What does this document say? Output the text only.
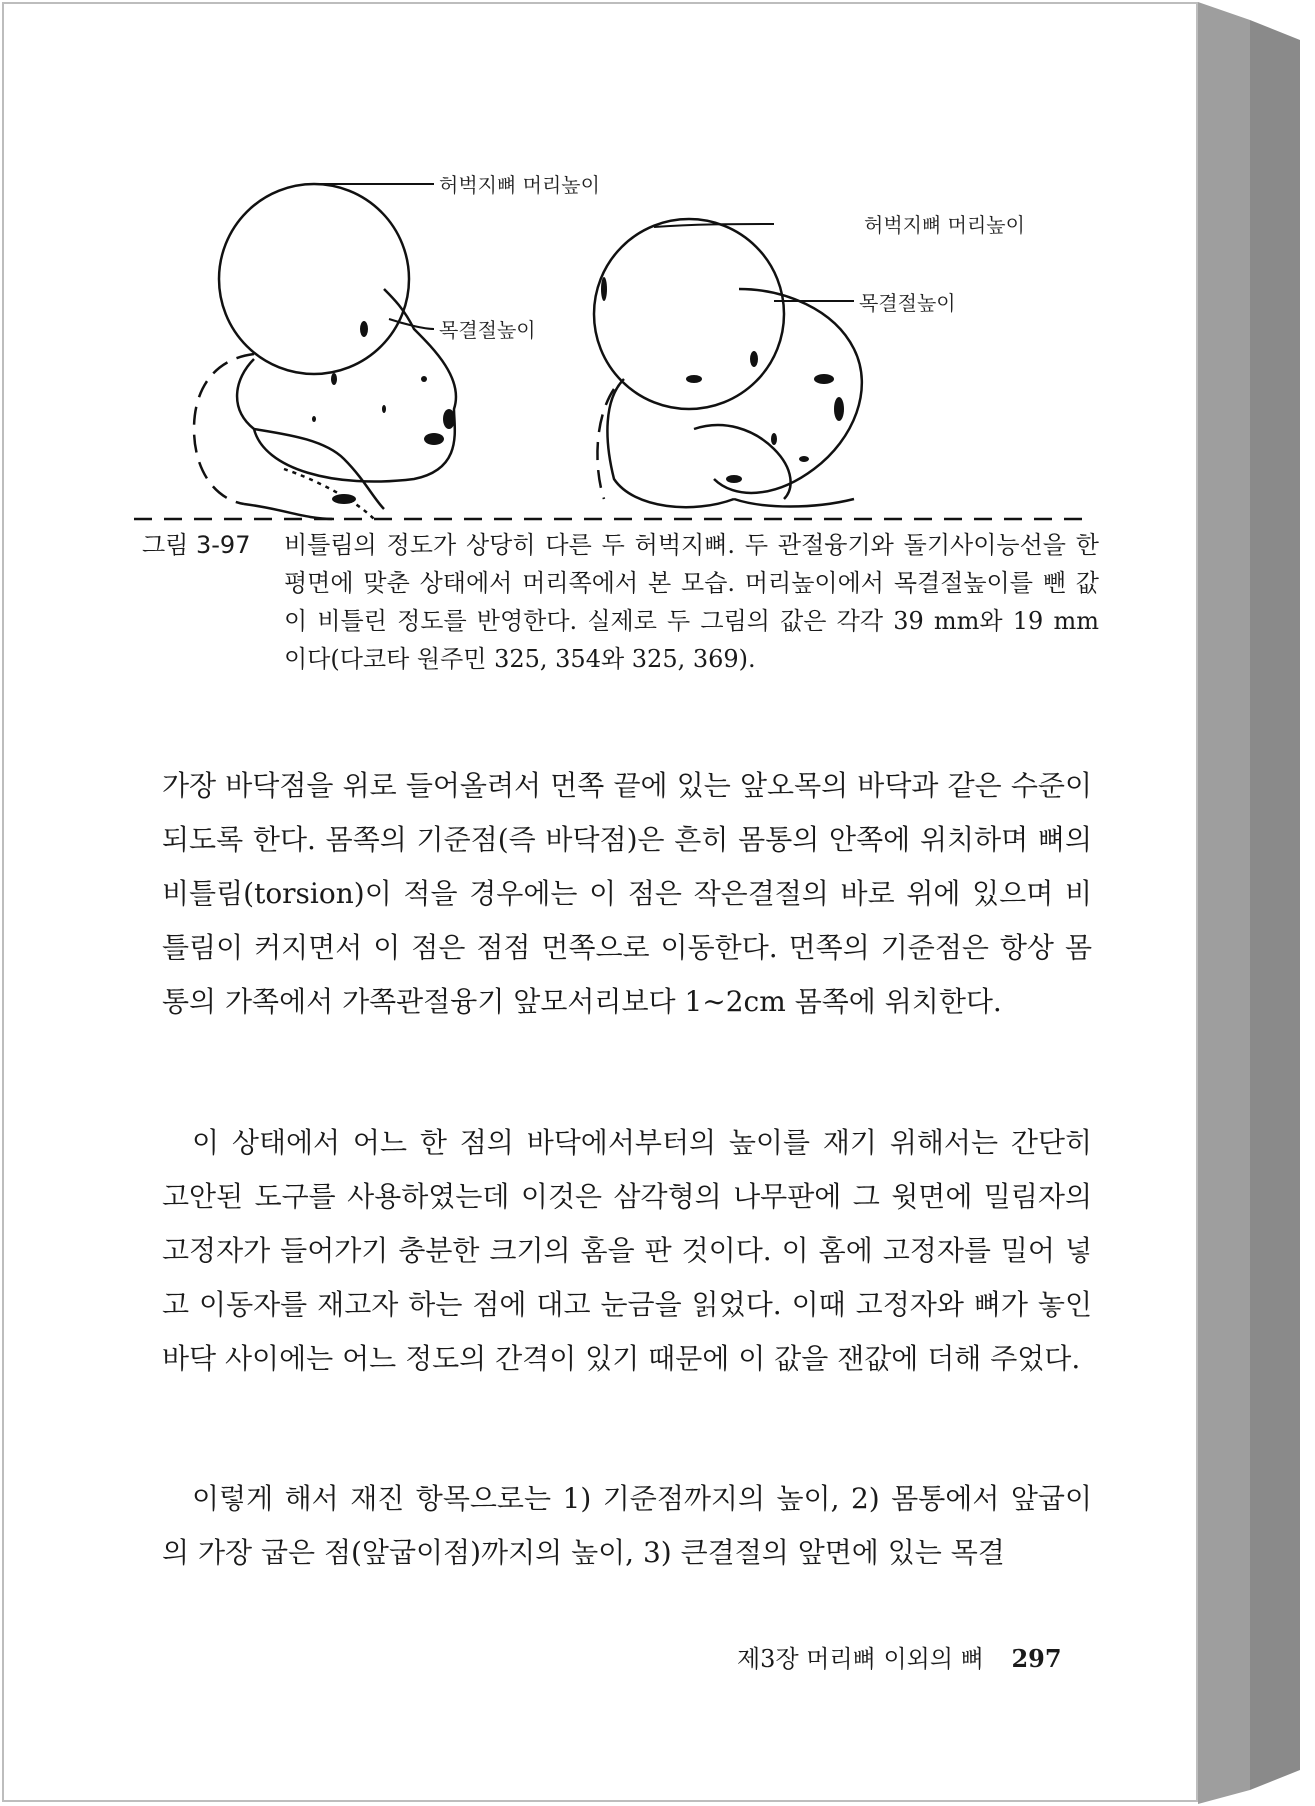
허벅지뼈 머리높이
목결절높이
허벅지뼈 머리높이
목결절높이
그림 3-97 비틀림의 정도가 상당히 다른 두 허벅지뼈. 두 관절융기와 돌기사이능선을 한 평면에 맞춘 상태에서 머리쪽에서 본 모습. 머리높이에서 목결절높이를 뺀 값이 비틀린 정도를 반영한다. 실제로 두 그림의 값은 각각 39 mm와 19 mm 이다(다코타 원주민 325, 354와 325, 369).

가장 바닥점을 위로 들어올려서 먼쪽 끝에 있는 앞오목의 바닥과 같은 수준이 되도록 한다. 몸쪽의 기준점(즉 바닥점)은 흔히 몸통의 안쪽에 위치하며 뼈의 비틀림(torsion)이 적을 경우에는 이 점은 작은결절의 바로 위에 있으며 비틀림이 커지면서 이 점은 점점 먼쪽으로 이동한다. 먼쪽의 기준점은 항상 몸통의 가쪽에서 가쪽관절융기 앞모서리보다 1∼2cm 몸쪽에 위치한다.

이 상태에서 어느 한 점의 바닥에서부터의 높이를 재기 위해서는 간단히 고안된 도구를 사용하였는데 이것은 삼각형의 나무판에 그 윗면에 밀림자의 고정자가 들어가기 충분한 크기의 홈을 판 것이다. 이 홈에 고정자를 밀어 넣고 이동자를 재고자 하는 점에 대고 눈금을 읽었다. 이때 고정자와 뼈가 놓인 바닥 사이에는 어느 정도의 간격이 있기 때문에 이 값을 잰값에 더해 주었다.

이렇게 해서 재진 항목으로는 1) 기준점까지의 높이, 2) 몸통에서 앞굽이의 가장 굽은 점(앞굽이점)까지의 높이, 3) 큰결절의 앞면에 있는 목결

제3장 머리뼈 이외의 뼈 297
